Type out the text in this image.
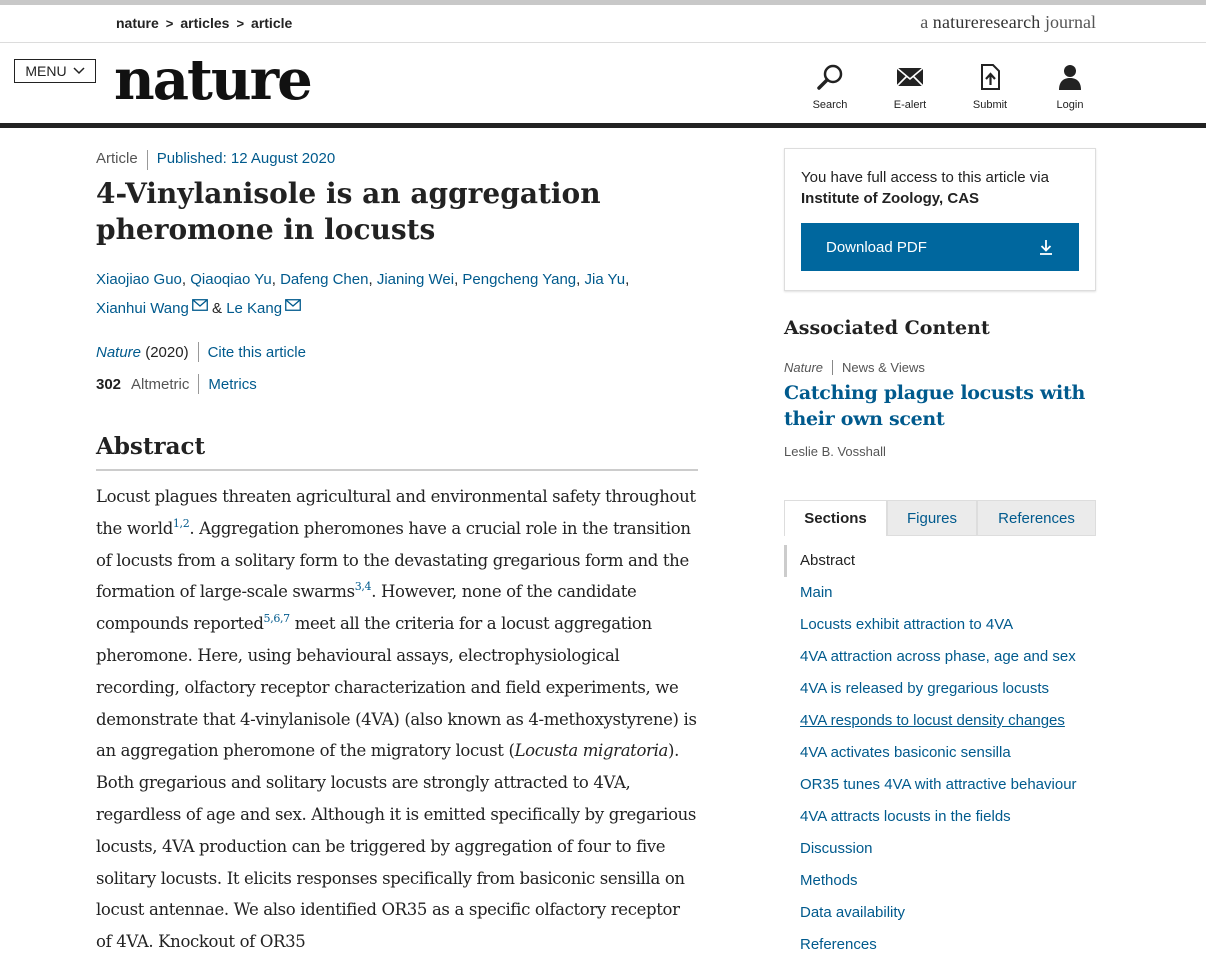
nature > articles > article	a natureresearch journal
MENU nature	Search	E-alert	Submit	Login
Article Published: 12 August 2020
4-Vinylanisole is an aggregation pheromone in locusts
Xiaojiao Guo, Qiaoqiao Yu, Dafeng Chen, Jianing Wei, Pengcheng Yang, Jia Yu,
Xianhui Wang & Le Kang
Nature
(2020) Cite this article
302 Altmetric Metrics
Abstract

Locust plagues threaten agricultural and environmental safety throughout the world$^{1,2}$. Aggregation pheromones have a crucial role in the transition of locusts from a solitary form to the devastating gregarious form and the formation of large-scale swarms$^{3,4}$. However, none of the candidate compounds reported$^{5,6,7}$ meet all the criteria for a locust aggregation pheromone. Here, using behavioural assays, electrophysiological recording, olfactory receptor characterization and field experiments, we demonstrate that 4-vinylanisole (4VA) (also known as 4-methoxystyrene) is an aggregation pheromone of the migratory locust (Locusta migratoria). Both gregarious and solitary locusts are strongly attracted to 4VA, regardless of age and sex. Although it is emitted specifically by gregarious locusts, 4VA production can be triggered by aggregation of four to five solitary locusts. It elicits responses specifically from basiconic sensilla on locust antennae. We also identified OR35 as a specific olfactory receptor of 4VA. Knockout of OR35

You have full access to this article via
Institute of Zoology, CAS
Download PDF
Associated Content
Nature News & Views
Catching plague locusts with their own scent
Leslie B. Vosshall
Sections	Figures	References
Abstract
Main
Locusts exhibit attraction to 4VA
4VA attraction across phase, age and sex
4VA is released by gregarious locusts
4VA responds to locust density changes
4VA activates basiconic sensilla
OR35 tunes 4VA with attractive behaviour
4VA attracts locusts in the fields
Discussion
Methods
Data availability
References
